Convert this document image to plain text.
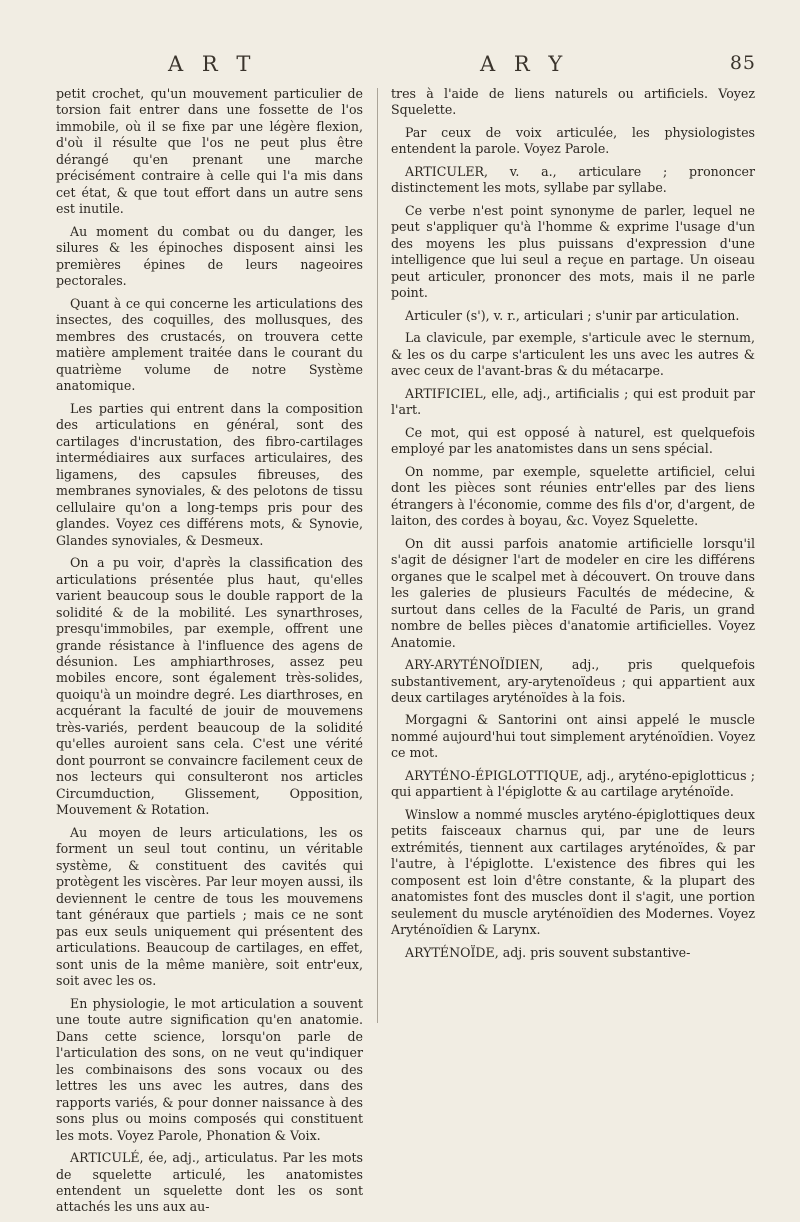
A R T	A R Y	85

petit crochet, qu'un mouvement particulier de torsion fait entrer dans une fossette de l'os immobile, où il se fixe par une légère flexion, d'où il résulte que l'os ne peut plus être dérangé qu'en prenant une marche précisément contraire à celle qui l'a mis dans cet état, & que tout effort dans un autre sens est inutile.

Au moment du combat ou du danger, les silures & les épinoches disposent ainsi les premières épines de leurs nageoires pectorales.

Quant à ce qui concerne les articulations des insectes, des coquilles, des mollusques, des membres des crustacés, on trouvera cette matière amplement traitée dans le courant du quatrième volume de notre Système anatomique.

Les parties qui entrent dans la composition des articulations en général, sont des cartilages d'incrustation, des fibro-cartilages intermédiaires aux surfaces articulaires, des ligamens, des capsules fibreuses, des membranes synoviales, & des pelotons de tissu cellulaire qu'on a long-temps pris pour des glandes. Voyez ces différens mots, & Synovie, Glandes synoviales, & Desmeux.

On a pu voir, d'après la classification des articulations présentée plus haut, qu'elles varient beaucoup sous le double rapport de la solidité & de la mobilité. Les synarthroses, presqu'immobiles, par exemple, offrent une grande résistance à l'influence des agens de désunion. Les amphiarthroses, assez peu mobiles encore, sont également très-solides, quoiqu'à un moindre degré. Les diarthroses, en acquérant la faculté de jouir de mouvemens très-variés, perdent beaucoup de la solidité qu'elles auroient sans cela. C'est une vérité dont pourront se convaincre facilement ceux de nos lecteurs qui consulteront nos articles Circumduction, Glissement, Opposition, Mouvement & Rotation.

Au moyen de leurs articulations, les os forment un seul tout continu, un véritable système, & constituent des cavités qui protègent les viscères. Par leur moyen aussi, ils deviennent le centre de tous les mouvemens tant généraux que partiels ; mais ce ne sont pas eux seuls uniquement qui présentent des articulations. Beaucoup de cartilages, en effet, sont unis de la même manière, soit entr'eux, soit avec les os.

En physiologie, le mot articulation a souvent une toute autre signification qu'en anatomie. Dans cette science, lorsqu'on parle de l'articulation des sons, on ne veut qu'indiquer les combinaisons des sons vocaux ou des lettres les uns avec les autres, dans des rapports variés, & pour donner naissance à des sons plus ou moins composés qui constituent les mots. Voyez Parole, Phonation & Voix.

ARTICULÉ, ée, adj., articulatus. Par les mots de squelette articulé, les anatomistes entendent un squelette dont les os sont attachés les uns aux au-

tres à l'aide de liens naturels ou artificiels. Voyez Squelette.

Par ceux de voix articulée, les physiologistes entendent la parole. Voyez Parole.

ARTICULER, v. a., articulare ; prononcer distinctement les mots, syllabe par syllabe.

Ce verbe n'est point synonyme de parler, lequel ne peut s'appliquer qu'à l'homme & exprime l'usage d'un des moyens les plus puissans d'expression d'une intelligence que lui seul a reçue en partage. Un oiseau peut articuler, prononcer des mots, mais il ne parle point.

Articuler (s'), v. r., articulari ; s'unir par articulation.

La clavicule, par exemple, s'articule avec le sternum, & les os du carpe s'articulent les uns avec les autres & avec ceux de l'avant-bras & du métacarpe.

ARTIFICIEL, elle, adj., artificialis ; qui est produit par l'art.

Ce mot, qui est opposé à naturel, est quelquefois employé par les anatomistes dans un sens spécial.

On nomme, par exemple, squelette artificiel, celui dont les pièces sont réunies entr'elles par des liens étrangers à l'économie, comme des fils d'or, d'argent, de laiton, des cordes à boyau, &c. Voyez Squelette.

On dit aussi parfois anatomie artificielle lorsqu'il s'agit de désigner l'art de modeler en cire les différens organes que le scalpel met à découvert. On trouve dans les galeries de plusieurs Facultés de médecine, & surtout dans celles de la Faculté de Paris, un grand nombre de belles pièces d'anatomie artificielles. Voyez Anatomie.

ARY-ARYTÉNOÏDIEN, adj., pris quelquefois substantivement, ary-arytenoïdeus ; qui appartient aux deux cartilages aryténoïdes à la fois.

Morgagni & Santorini ont ainsi appelé le muscle nommé aujourd'hui tout simplement aryténoïdien. Voyez ce mot.

ARYTÉNO-ÉPIGLOTTIQUE, adj., aryténo-epiglotticus ; qui appartient à l'épiglotte & au cartilage aryténoïde.

Winslow a nommé muscles aryténo-épiglottiques deux petits faisceaux charnus qui, par une de leurs extrémités, tiennent aux cartilages aryténoïdes, & par l'autre, à l'épiglotte. L'existence des fibres qui les composent est loin d'être constante, & la plupart des anatomistes font des muscles dont il s'agit, une portion seulement du muscle aryténoïdien des Modernes. Voyez Aryténoïdien & Larynx.

ARYTÉNOÏDE, adj. pris souvent substantive-
